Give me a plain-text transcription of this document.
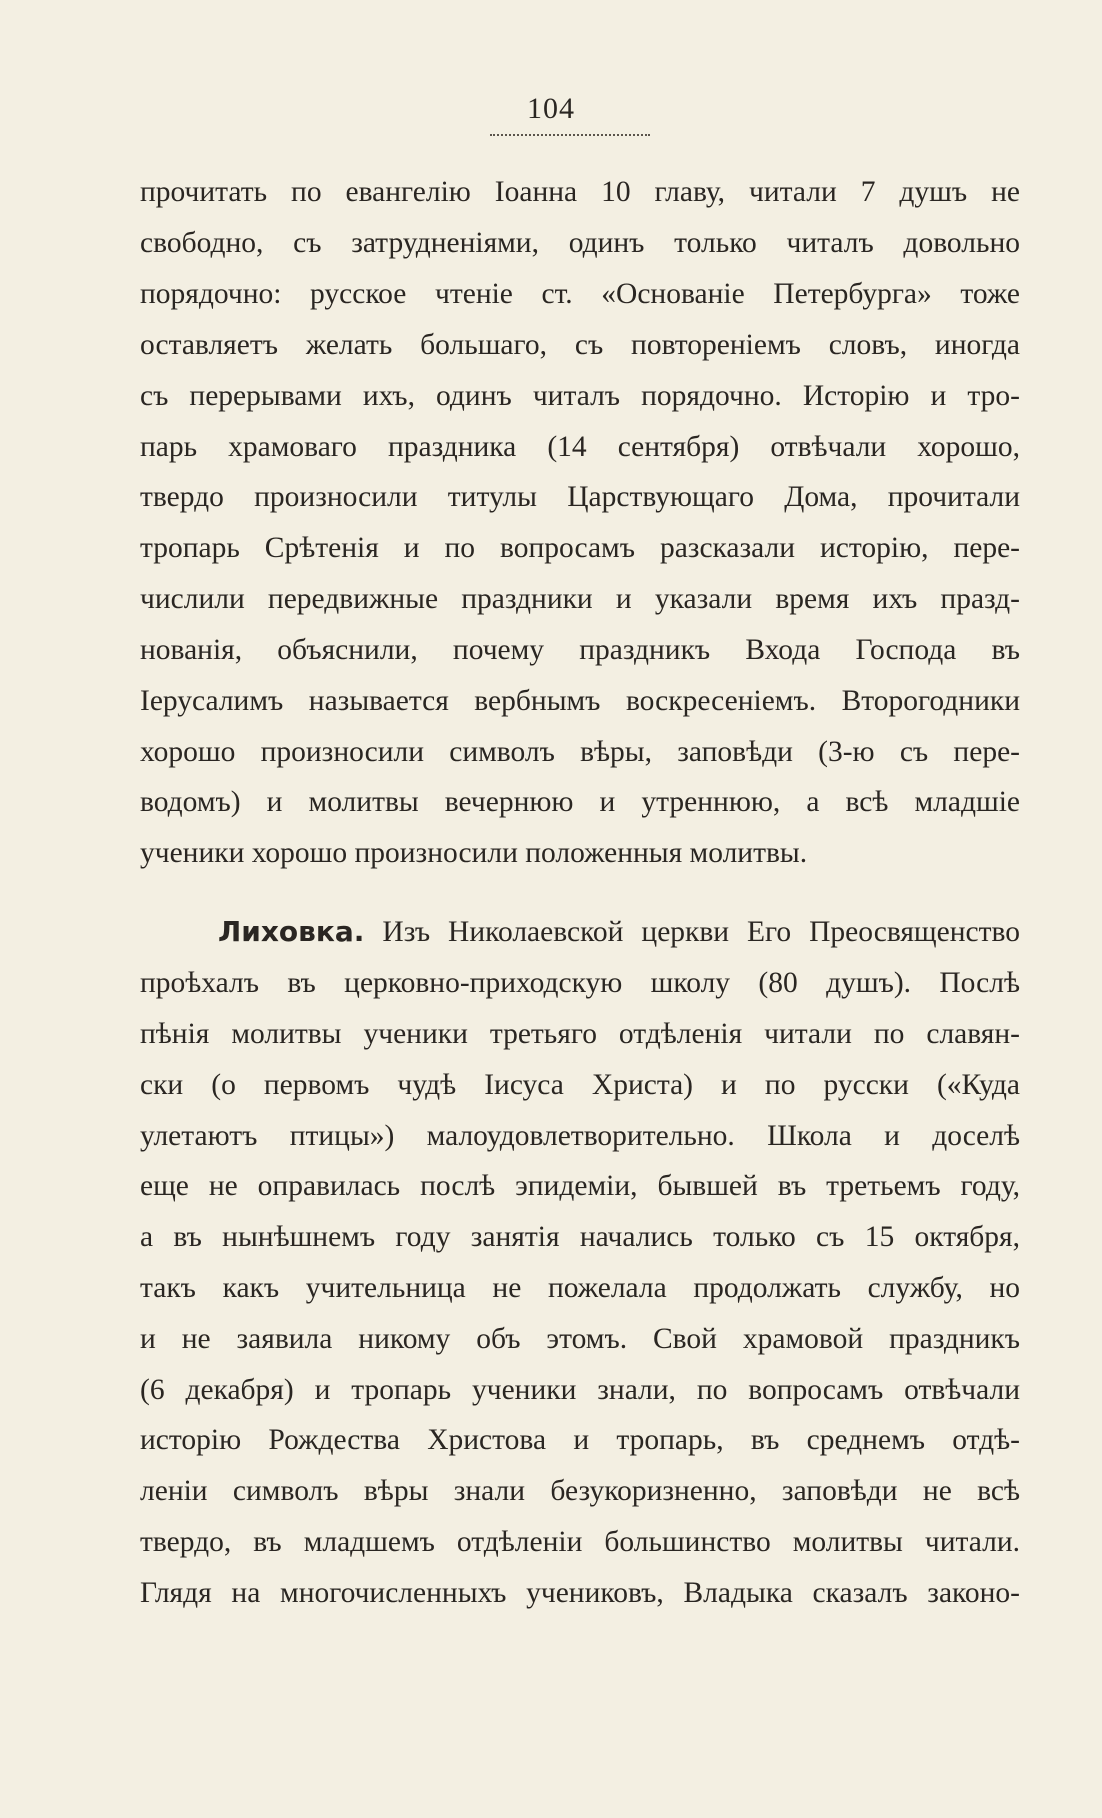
104
прочитать по евангелію Іоанна 10 главу, читали 7 душъ не
свободно, съ затрудненіями, одинъ только читалъ довольно
порядочно: русское чтеніе ст. «Основаніе Петербурга» тоже
оставляетъ желать большаго, съ повтореніемъ словъ, иногда
съ перерывами ихъ, одинъ читалъ порядочно. Исторію и тро-
парь храмоваго праздника (14 сентября) отвѣчали хорошо,
твердо произносили титулы Царствующаго Дома, прочитали
тропарь Срѣтенія и по вопросамъ разсказали исторію, пере-
числили передвижные праздники и указали время ихъ празд-
нованія, объяснили, почему праздникъ Входа Господа въ
Іерусалимъ называется вербнымъ воскресеніемъ. Второгодники
хорошо произносили символъ вѣры, заповѣди (3-ю съ пере-
водомъ) и молитвы вечернюю и утреннюю, а всѣ младшіе
ученики хорошо произносили положенныя молитвы.
Лиховка. Изъ Николаевской церкви Его Преосвященство
проѣхалъ въ церковно-приходскую школу (80 душъ). Послѣ
пѣнія молитвы ученики третьяго отдѣленія читали по славян-
ски (о первомъ чудѣ Іисуса Христа) и по русски («Куда
улетаютъ птицы») малоудовлетворительно. Школа и доселѣ
еще не оправилась послѣ эпидеміи, бывшей въ третьемъ году,
а въ нынѣшнемъ году занятія начались только съ 15 октября,
такъ какъ учительница не пожелала продолжать службу, но
и не заявила никому объ этомъ. Свой храмовой праздникъ
(6 декабря) и тропарь ученики знали, по вопросамъ отвѣчали
исторію Рождества Христова и тропарь, въ среднемъ отдѣ-
леніи символъ вѣры знали безукоризненно, заповѣди не всѣ
твердо, въ младшемъ отдѣленіи большинство молитвы читали.
Глядя на многочисленныхъ учениковъ, Владыка сказалъ законо-
